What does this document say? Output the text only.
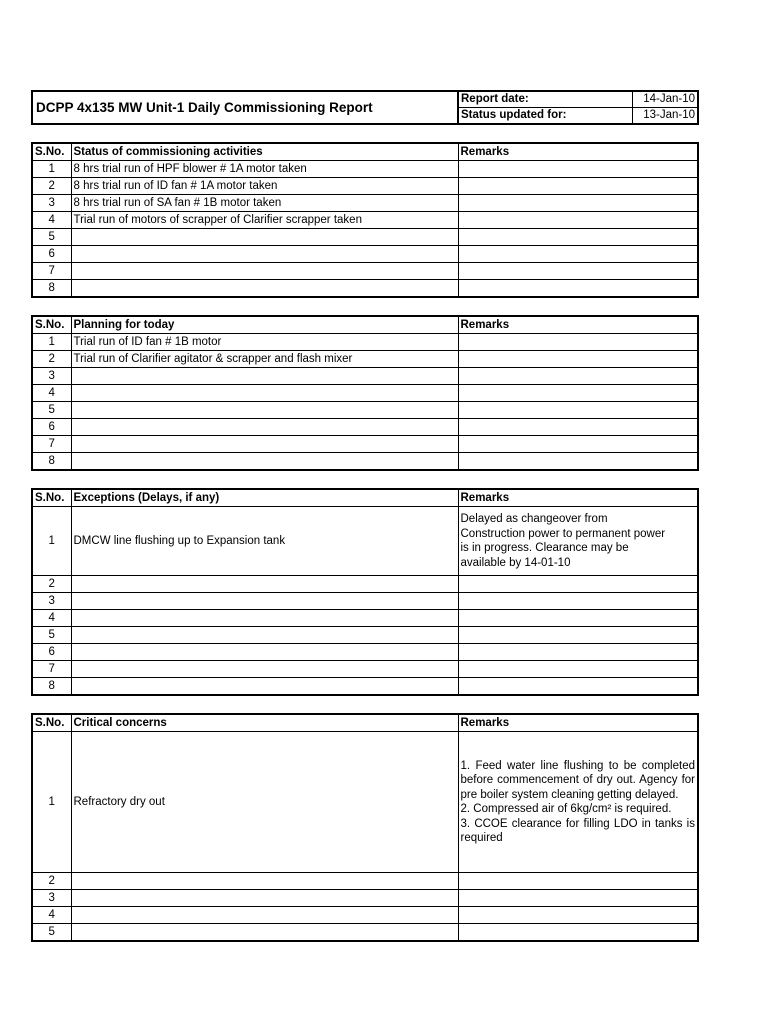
DCPP 4x135 MW Unit-1 Daily Commissioning Report	Report date:	14-Jan-10
	Status updated for:	13-Jan-10
S.No.	Status of commissioning activities	Remarks
1	8 hrs trial run of HPF blower # 1A motor taken	
2	8 hrs trial run of ID fan # 1A motor taken	
3	8 hrs trial run of SA fan # 1B motor taken	
4	Trial run of motors of scrapper of Clarifier scrapper taken	
5		
6		
7		
8		
S.No.	Planning for today	Remarks
1	Trial run of ID fan # 1B motor	
2	Trial run of Clarifier agitator & scrapper and flash mixer	
3		
4		
5		
6		
7		
8		
S.No.	Exceptions (Delays, if any)	Remarks
1	DMCW line flushing up to Expansion tank	Delayed as changeover from
Construction power to permanent power
is in progress. Clearance may be
available by 14-01-10
2		
3		
4		
5		
6		
7		
8		
S.No.	Critical concerns	Remarks
1	Refractory dry out	1. Feed water line flushing to be completed before commencement of dry out. Agency for pre boiler system cleaning getting delayed.
2. Compressed air of 6kg/cm² is required.
3. CCOE clearance for filling LDO in tanks is required
2		
3		
4		
5		
